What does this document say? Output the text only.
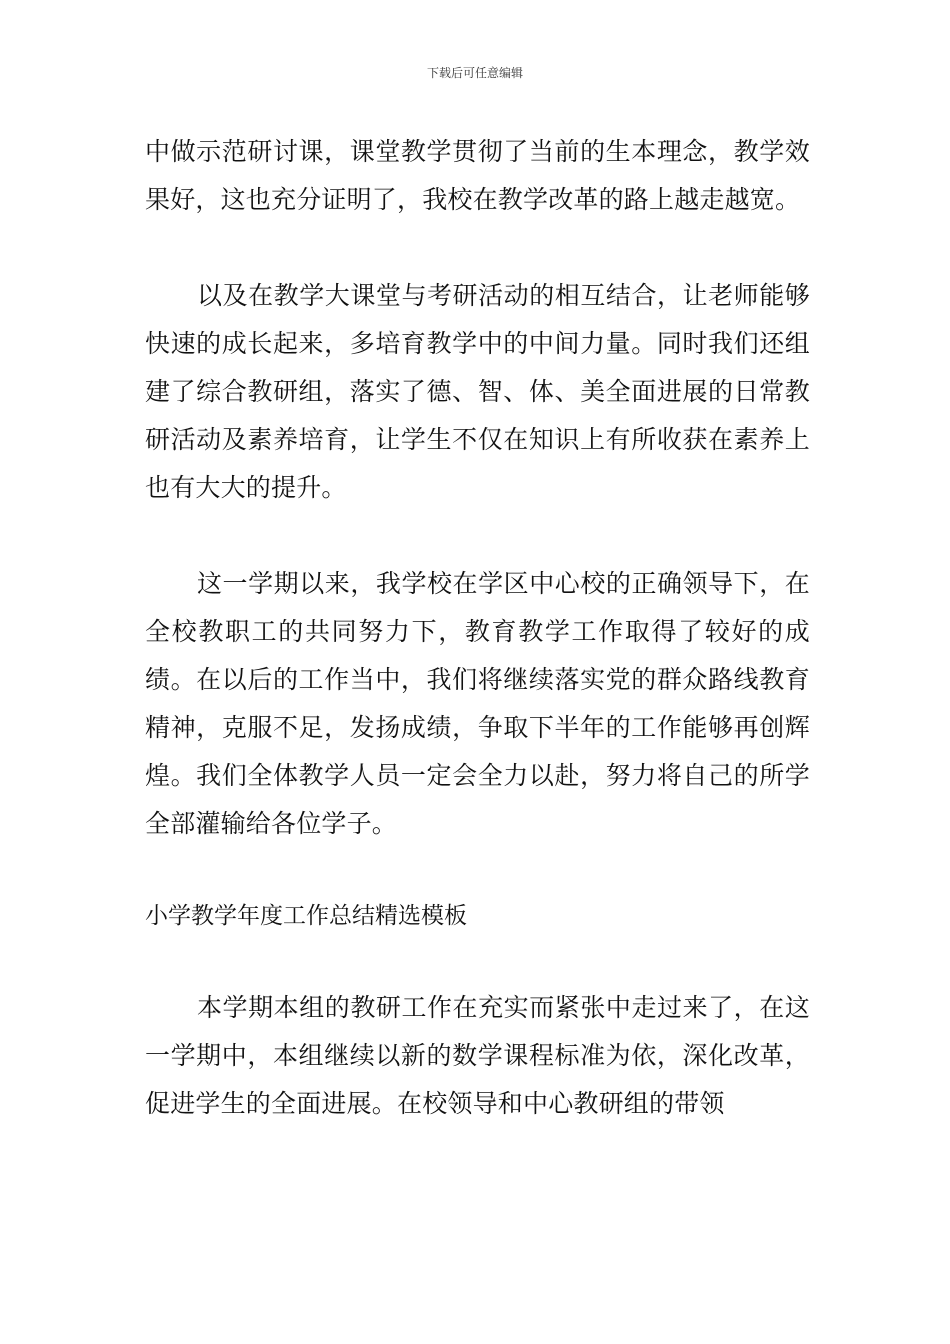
下载后可任意编辑

中做示范研讨课，课堂教学贯彻了当前的生本理念，教学效果好，这也充分证明了，我校在教学改革的路上越走越宽。

以及在教学大课堂与考研活动的相互结合，让老师能够快速的成长起来，多培育教学中的中间力量。同时我们还组建了综合教研组，落实了德、智、体、美全面进展的日常教研活动及素养培育，让学生不仅在知识上有所收获在素养上也有大大的提升。

这一学期以来，我学校在学区中心校的正确领导下，在全校教职工的共同努力下，教育教学工作取得了较好的成绩。在以后的工作当中，我们将继续落实党的群众路线教育精神，克服不足，发扬成绩，争取下半年的工作能够再创辉煌。我们全体教学人员一定会全力以赴，努力将自己的所学全部灌输给各位学子。

小学教学年度工作总结精选模板

本学期本组的教研工作在充实而紧张中走过来了，在这一学期中，本组继续以新的数学课程标准为依，深化改革，促进学生的全面进展。在校领导和中心教研组的带领
